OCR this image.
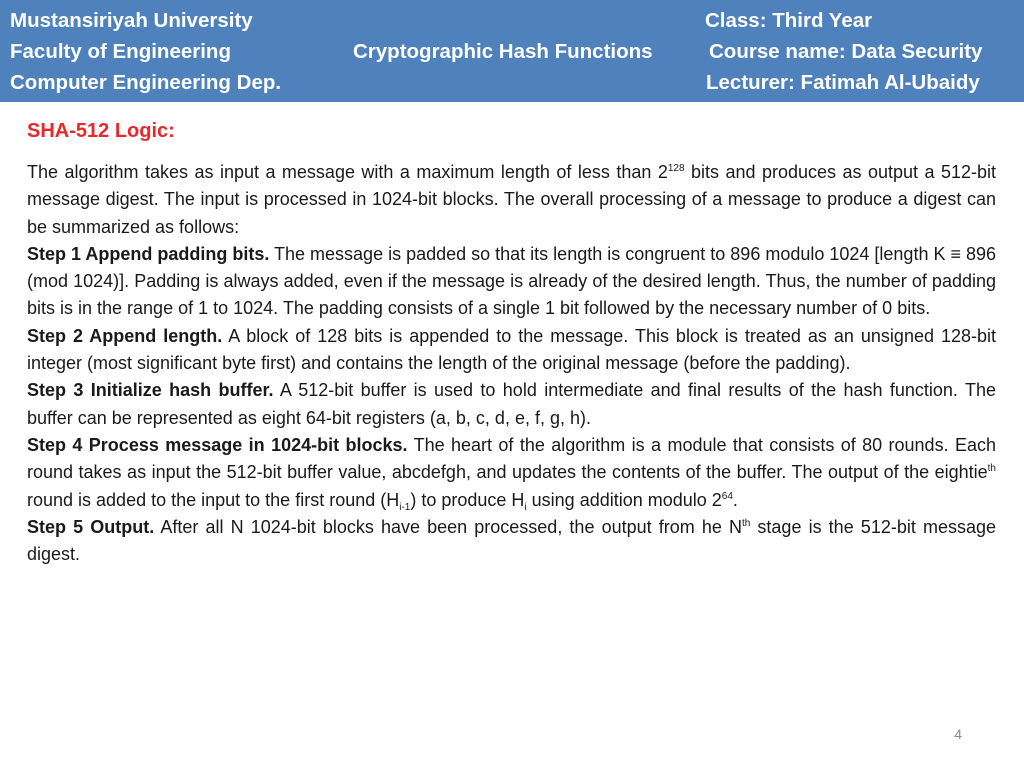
Mustansiriyah University
Faculty of Engineering
Computer Engineering Dep.
Cryptographic Hash Functions
Class: Third Year
Course name: Data Security
Lecturer: Fatimah Al-Ubaidy
SHA-512 Logic:

The algorithm takes as input a message with a maximum length of less than $2^{128}$ bits and produces as output a 512-bit message digest. The input is processed in 1024-bit blocks. The overall processing of a message to produce a digest can be summarized as follows:

Step 1 Append padding bits. The message is padded so that its length is congruent to 896 modulo 1024 [length K ≡ 896 (mod 1024)]. Padding is always added, even if the message is already of the desired length. Thus, the number of padding bits is in the range of 1 to 1024. The padding consists of a single 1 bit followed by the necessary number of 0 bits.

Step 2 Append length. A block of 128 bits is appended to the message. This block is treated as an unsigned 128-bit integer (most significant byte first) and contains the length of the original message (before the padding).

Step 3 Initialize hash buffer. A 512-bit buffer is used to hold intermediate and final results of the hash function. The buffer can be represented as eight 64-bit registers (a, b, c, d, e, f, g, h).

Step 4 Process message in 1024-bit blocks. The heart of the algorithm is a module that consists of 80 rounds. Each round takes as input the 512-bit buffer value, abcdefgh, and updates the contents of the buffer. The output of the eightie$^{th}$ round is added to the input to the first round $(H_{i-1})$ to produce $H_i$ using addition modulo $2^{64}$.

Step 5 Output. After all N 1024-bit blocks have been processed, the output from he $N^{th}$ stage is the 512-bit message digest.

4
